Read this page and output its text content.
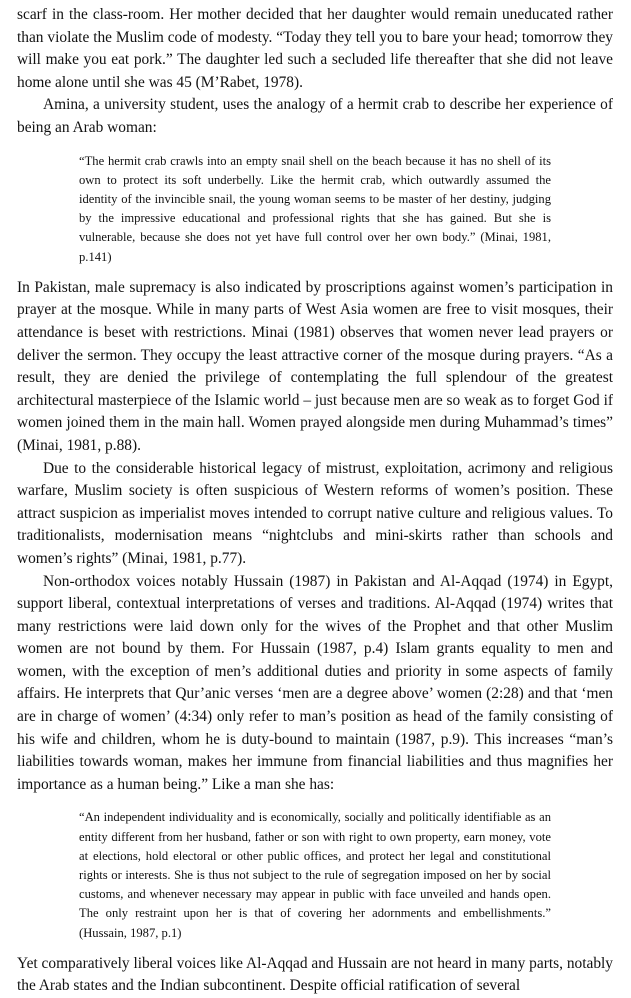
scarf in the class-room. Her mother decided that her daughter would remain uneducated rather than violate the Muslim code of modesty. “Today they tell you to bare your head; tomorrow they will make you eat pork.” The daughter led such a secluded life thereafter that she did not leave home alone until she was 45 (M’Rabet, 1978).

Amina, a university student, uses the analogy of a hermit crab to describe her experience of being an Arab woman:

“The hermit crab crawls into an empty snail shell on the beach because it has no shell of its own to protect its soft underbelly. Like the hermit crab, which outwardly assumed the identity of the invincible snail, the young woman seems to be master of her destiny, judging by the impressive educational and professional rights that she has gained. But she is vulnerable, because she does not yet have full control over her own body.” (Minai, 1981, p.141)

In Pakistan, male supremacy is also indicated by proscriptions against women’s participation in prayer at the mosque. While in many parts of West Asia women are free to visit mosques, their attendance is beset with restrictions. Minai (1981) observes that women never lead prayers or deliver the sermon. They occupy the least attractive corner of the mosque during prayers. “As a result, they are denied the privilege of contemplating the full splendour of the greatest architectural masterpiece of the Islamic world – just because men are so weak as to forget God if women joined them in the main hall. Women prayed alongside men during Muhammad’s times” (Minai, 1981, p.88).

Due to the considerable historical legacy of mistrust, exploitation, acrimony and religious warfare, Muslim society is often suspicious of Western reforms of women’s position. These attract suspicion as imperialist moves intended to corrupt native culture and religious values. To traditionalists, modernisation means “nightclubs and mini-skirts rather than schools and women’s rights” (Minai, 1981, p.77).

Non-orthodox voices notably Hussain (1987) in Pakistan and Al-Aqqad (1974) in Egypt, support liberal, contextual interpretations of verses and traditions. Al-Aqqad (1974) writes that many restrictions were laid down only for the wives of the Prophet and that other Muslim women are not bound by them. For Hussain (1987, p.4) Islam grants equality to men and women, with the exception of men’s additional duties and priority in some aspects of family affairs. He interprets that Qur’anic verses ‘men are a degree above’ women (2:28) and that ‘men are in charge of women’ (4:34) only refer to man’s position as head of the family consisting of his wife and children, whom he is duty-bound to maintain (1987, p.9). This increases “man’s liabilities towards woman, makes her immune from financial liabilities and thus magnifies her importance as a human being.” Like a man she has:

“An independent individuality and is economically, socially and politically identifiable as an entity different from her husband, father or son with right to own property, earn money, vote at elections, hold electoral or other public offices, and protect her legal and constitutional rights or interests. She is thus not subject to the rule of segregation imposed on her by social customs, and whenever necessary may appear in public with face unveiled and hands open. The only restraint upon her is that of covering her adornments and embellishments.” (Hussain, 1987, p.1)

Yet comparatively liberal voices like Al-Aqqad and Hussain are not heard in many parts, notably the Arab states and the Indian subcontinent. Despite official ratification of several
